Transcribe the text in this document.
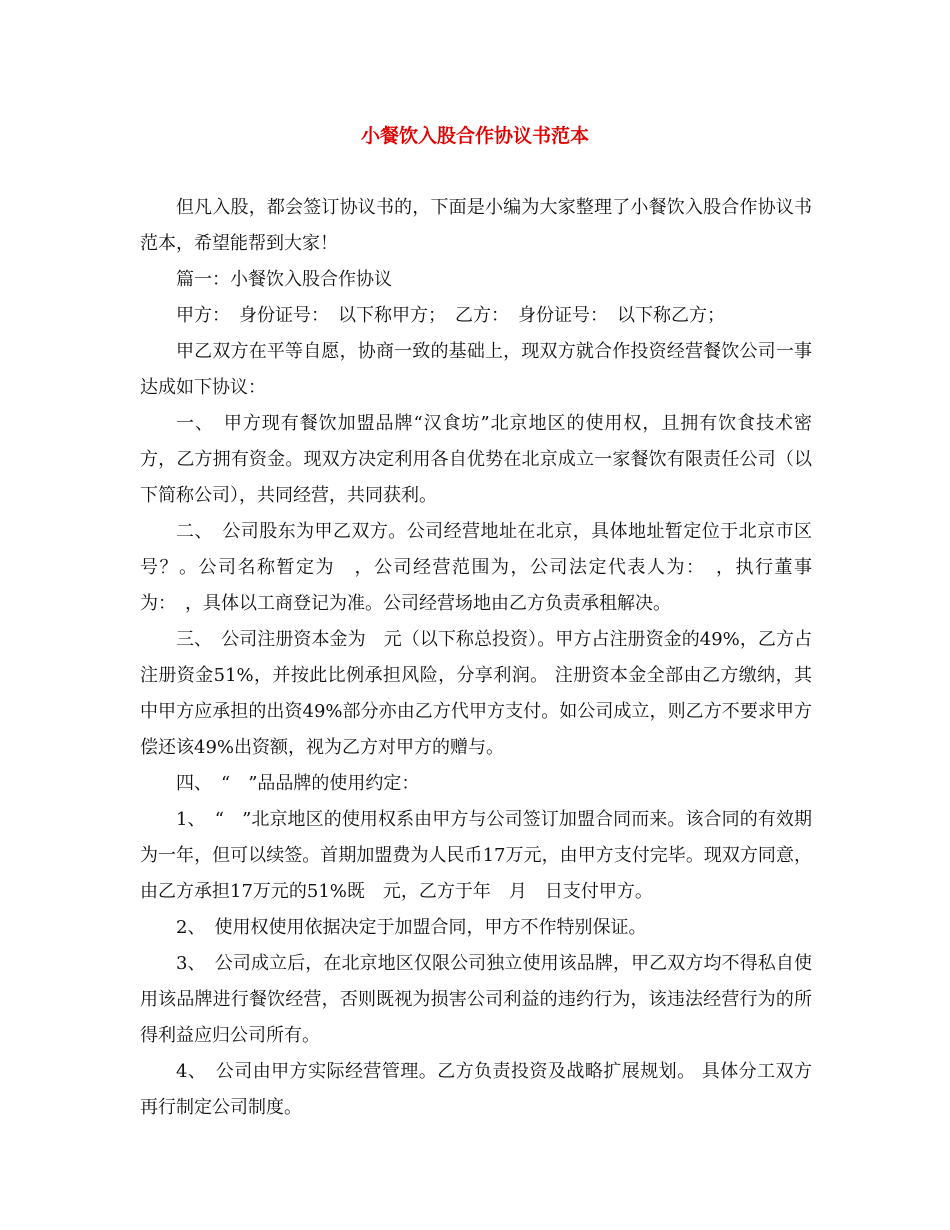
小餐饮入股合作协议书范本

但凡入股，都会签订协议书的，下面是小编为大家整理了小餐饮入股合作协议书范本，希望能帮到大家！

篇一：小餐饮入股合作协议

甲方：　身份证号：　以下称甲方；　乙方：　身份证号：　以下称乙方；

甲乙双方在平等自愿，协商一致的基础上，现双方就合作投资经营餐饮公司一事达成如下协议：

一、　甲方现有餐饮加盟品牌“汉食坊”北京地区的使用权，且拥有饮食技术密方，乙方拥有资金。现双方决定利用各自优势在北京成立一家餐饮有限责任公司（以下简称公司），共同经营，共同获利。

二、　公司股东为甲乙双方。公司经营地址在北京，具体地址暂定位于北京市区　号？。公司名称暂定为　，公司经营范围为，公司法定代表人为：　，执行董事为：　，具体以工商登记为准。公司经营场地由乙方负责承租解决。

三、　公司注册资本金为　元（以下称总投资）。甲方占注册资金的49%，乙方占注册资金51%，并按此比例承担风险，分享利润。 注册资本金全部由乙方缴纳，其中甲方应承担的出资49%部分亦由乙方代甲方支付。如公司成立，则乙方不要求甲方偿还该49%出资额，视为乙方对甲方的赠与。

四、　“　”品品牌的使用约定：

1、　“　”北京地区的使用权系由甲方与公司签订加盟合同而来。该合同的有效期为一年，但可以续签。首期加盟费为人民币17万元，由甲方支付完毕。现双方同意，由乙方承担17万元的51%既　元，乙方于年　月　日支付甲方。

2、　使用权使用依据决定于加盟合同，甲方不作特别保证。

3、　公司成立后，在北京地区仅限公司独立使用该品牌，甲乙双方均不得私自使用该品牌进行餐饮经营，否则既视为损害公司利益的违约行为，该违法经营行为的所得利益应归公司所有。

4、　公司由甲方实际经营管理。乙方负责投资及战略扩展规划。 具体分工双方再行制定公司制度。
